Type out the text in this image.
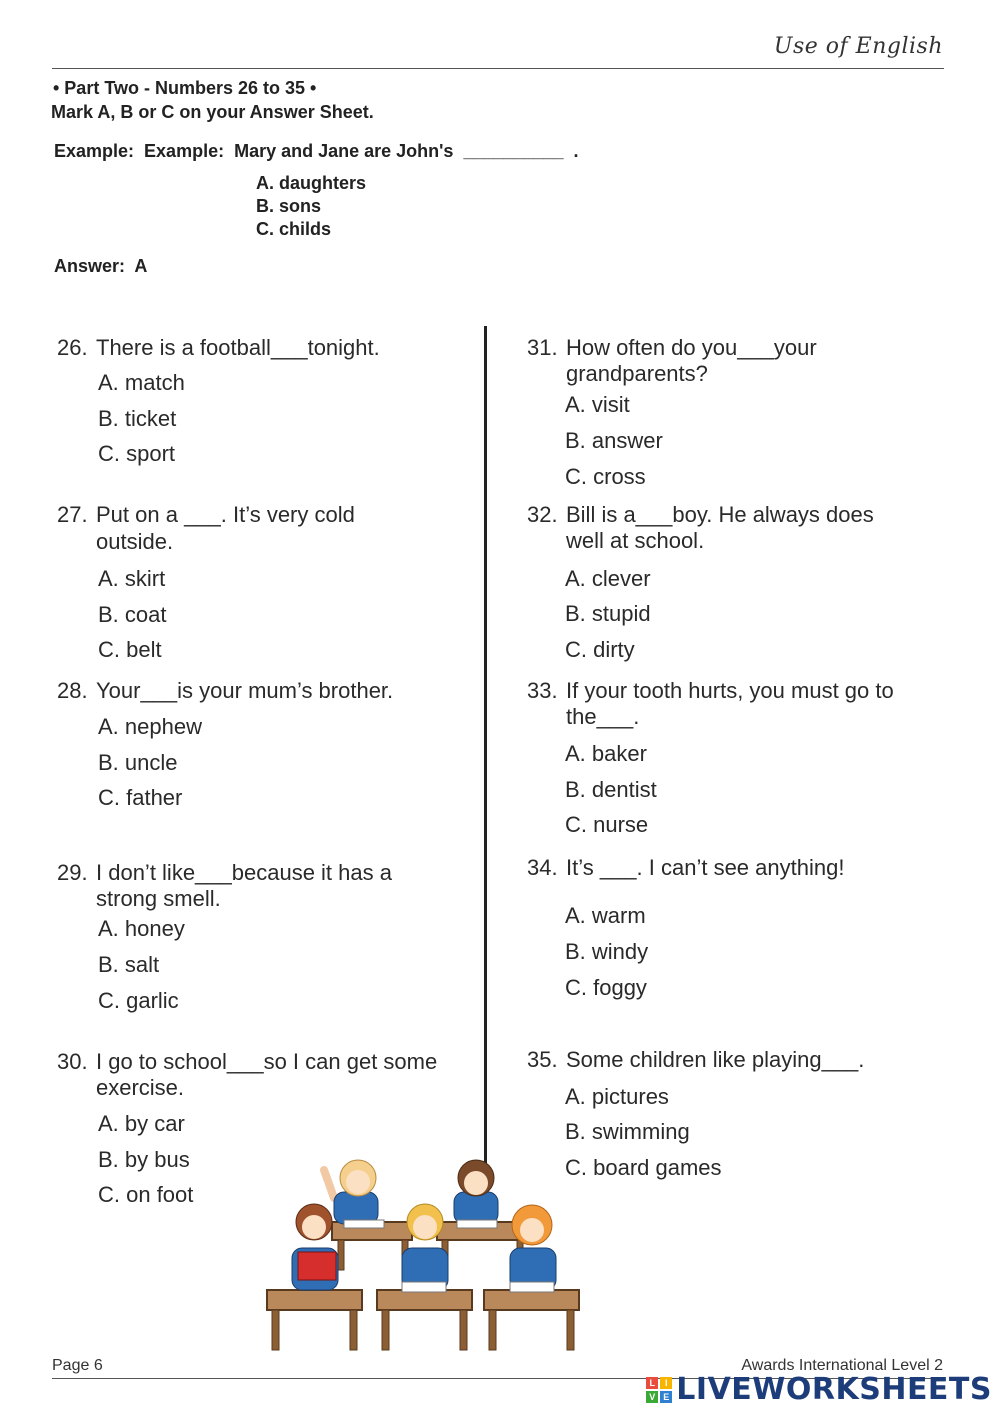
Use of English
• Part Two - Numbers 26 to 35 •
Mark A, B or C on your Answer Sheet.
Example:  Example:  Mary and Jane are John's  __________  .
A. daughters
B. sons
C. childs
Answer:  A
26. There is a football___tonight.
A. match
B. ticket
C. sport
27. Put on a ___. It’s very cold
outside.
A. skirt
B. coat
C. belt
28. Your___is your mum’s brother.
A. nephew
B. uncle
C. father
29. I don’t like___because it has a
strong smell.
A. honey
B. salt
C. garlic
30. I go to school___so I can get some
exercise.
A. by car
B. by bus
C. on foot
31. How often do you___your
grandparents?
A. visit
B. answer
C. cross
32. Bill is a___boy. He always does
well at school.
A. clever
B. stupid
C. dirty
33. If your tooth hurts, you must go to
the___.
A. baker
B. dentist
C. nurse
34. It’s ___. I can’t see anything!
A. warm
B. windy
C. foggy
35. Some children like playing___.
A. pictures
B. swimming
C. board games
Page 6	Awards International Level 2
L	I
V E LIVEWORKSHEETS
